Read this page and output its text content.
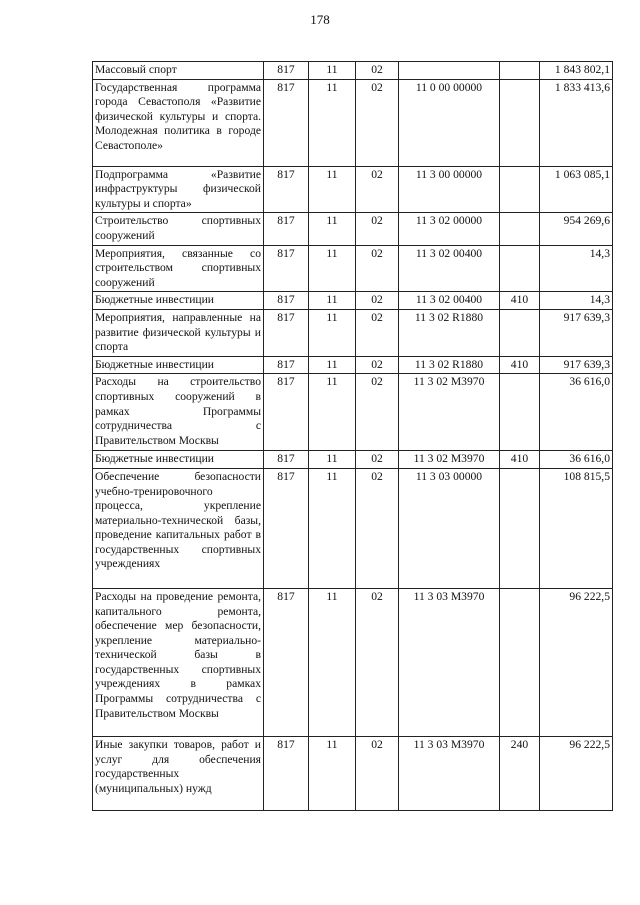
178
Массовый спорт	817	11	02			1 843 802,1
Государственная программа города Севастополя «Развитие физической культуры и спорта. Молодежная политика в городе Севастополе»	817	11	02	11 0 00 00000		1 833 413,6
Подпрограмма «Развитие инфраструктуры физической культуры и спорта»	817	11	02	11 3 00 00000		1 063 085,1
Строительство спортивных сооружений	817	11	02	11 3 02 00000		954 269,6
Мероприятия, связанные со строительством спортивных сооружений	817	11	02	11 3 02 00400		14,3
Бюджетные инвестиции	817	11	02	11 3 02 00400	410	14,3
Мероприятия, направленные на развитие физической культуры и спорта	817	11	02	11 3 02 R1880		917 639,3
Бюджетные инвестиции	817	11	02	11 3 02 R1880	410	917 639,3
Расходы на строительство спортивных сооружений в рамках Программы сотрудничества с Правительством Москвы	817	11	02	11 3 02 M3970		36 616,0
Бюджетные инвестиции	817	11	02	11 3 02 M3970	410	36 616,0
Обеспечение безопасности учебно-тренировочного процесса, укрепление материально-технической базы, проведение капитальных работ в государственных спортивных учреждениях	817	11	02	11 3 03 00000		108 815,5
Расходы на проведение ремонта, капитального ремонта, обеспечение мер безопасности, укрепление материально-технической базы в государственных спортивных учреждениях в рамках Программы сотрудничества с Правительством Москвы	817	11	02	11 3 03 M3970		96 222,5
Иные закупки товаров, работ и услуг для обеспечения государственных (муниципальных) нужд	817	11	02	11 3 03 M3970	240	96 222,5
